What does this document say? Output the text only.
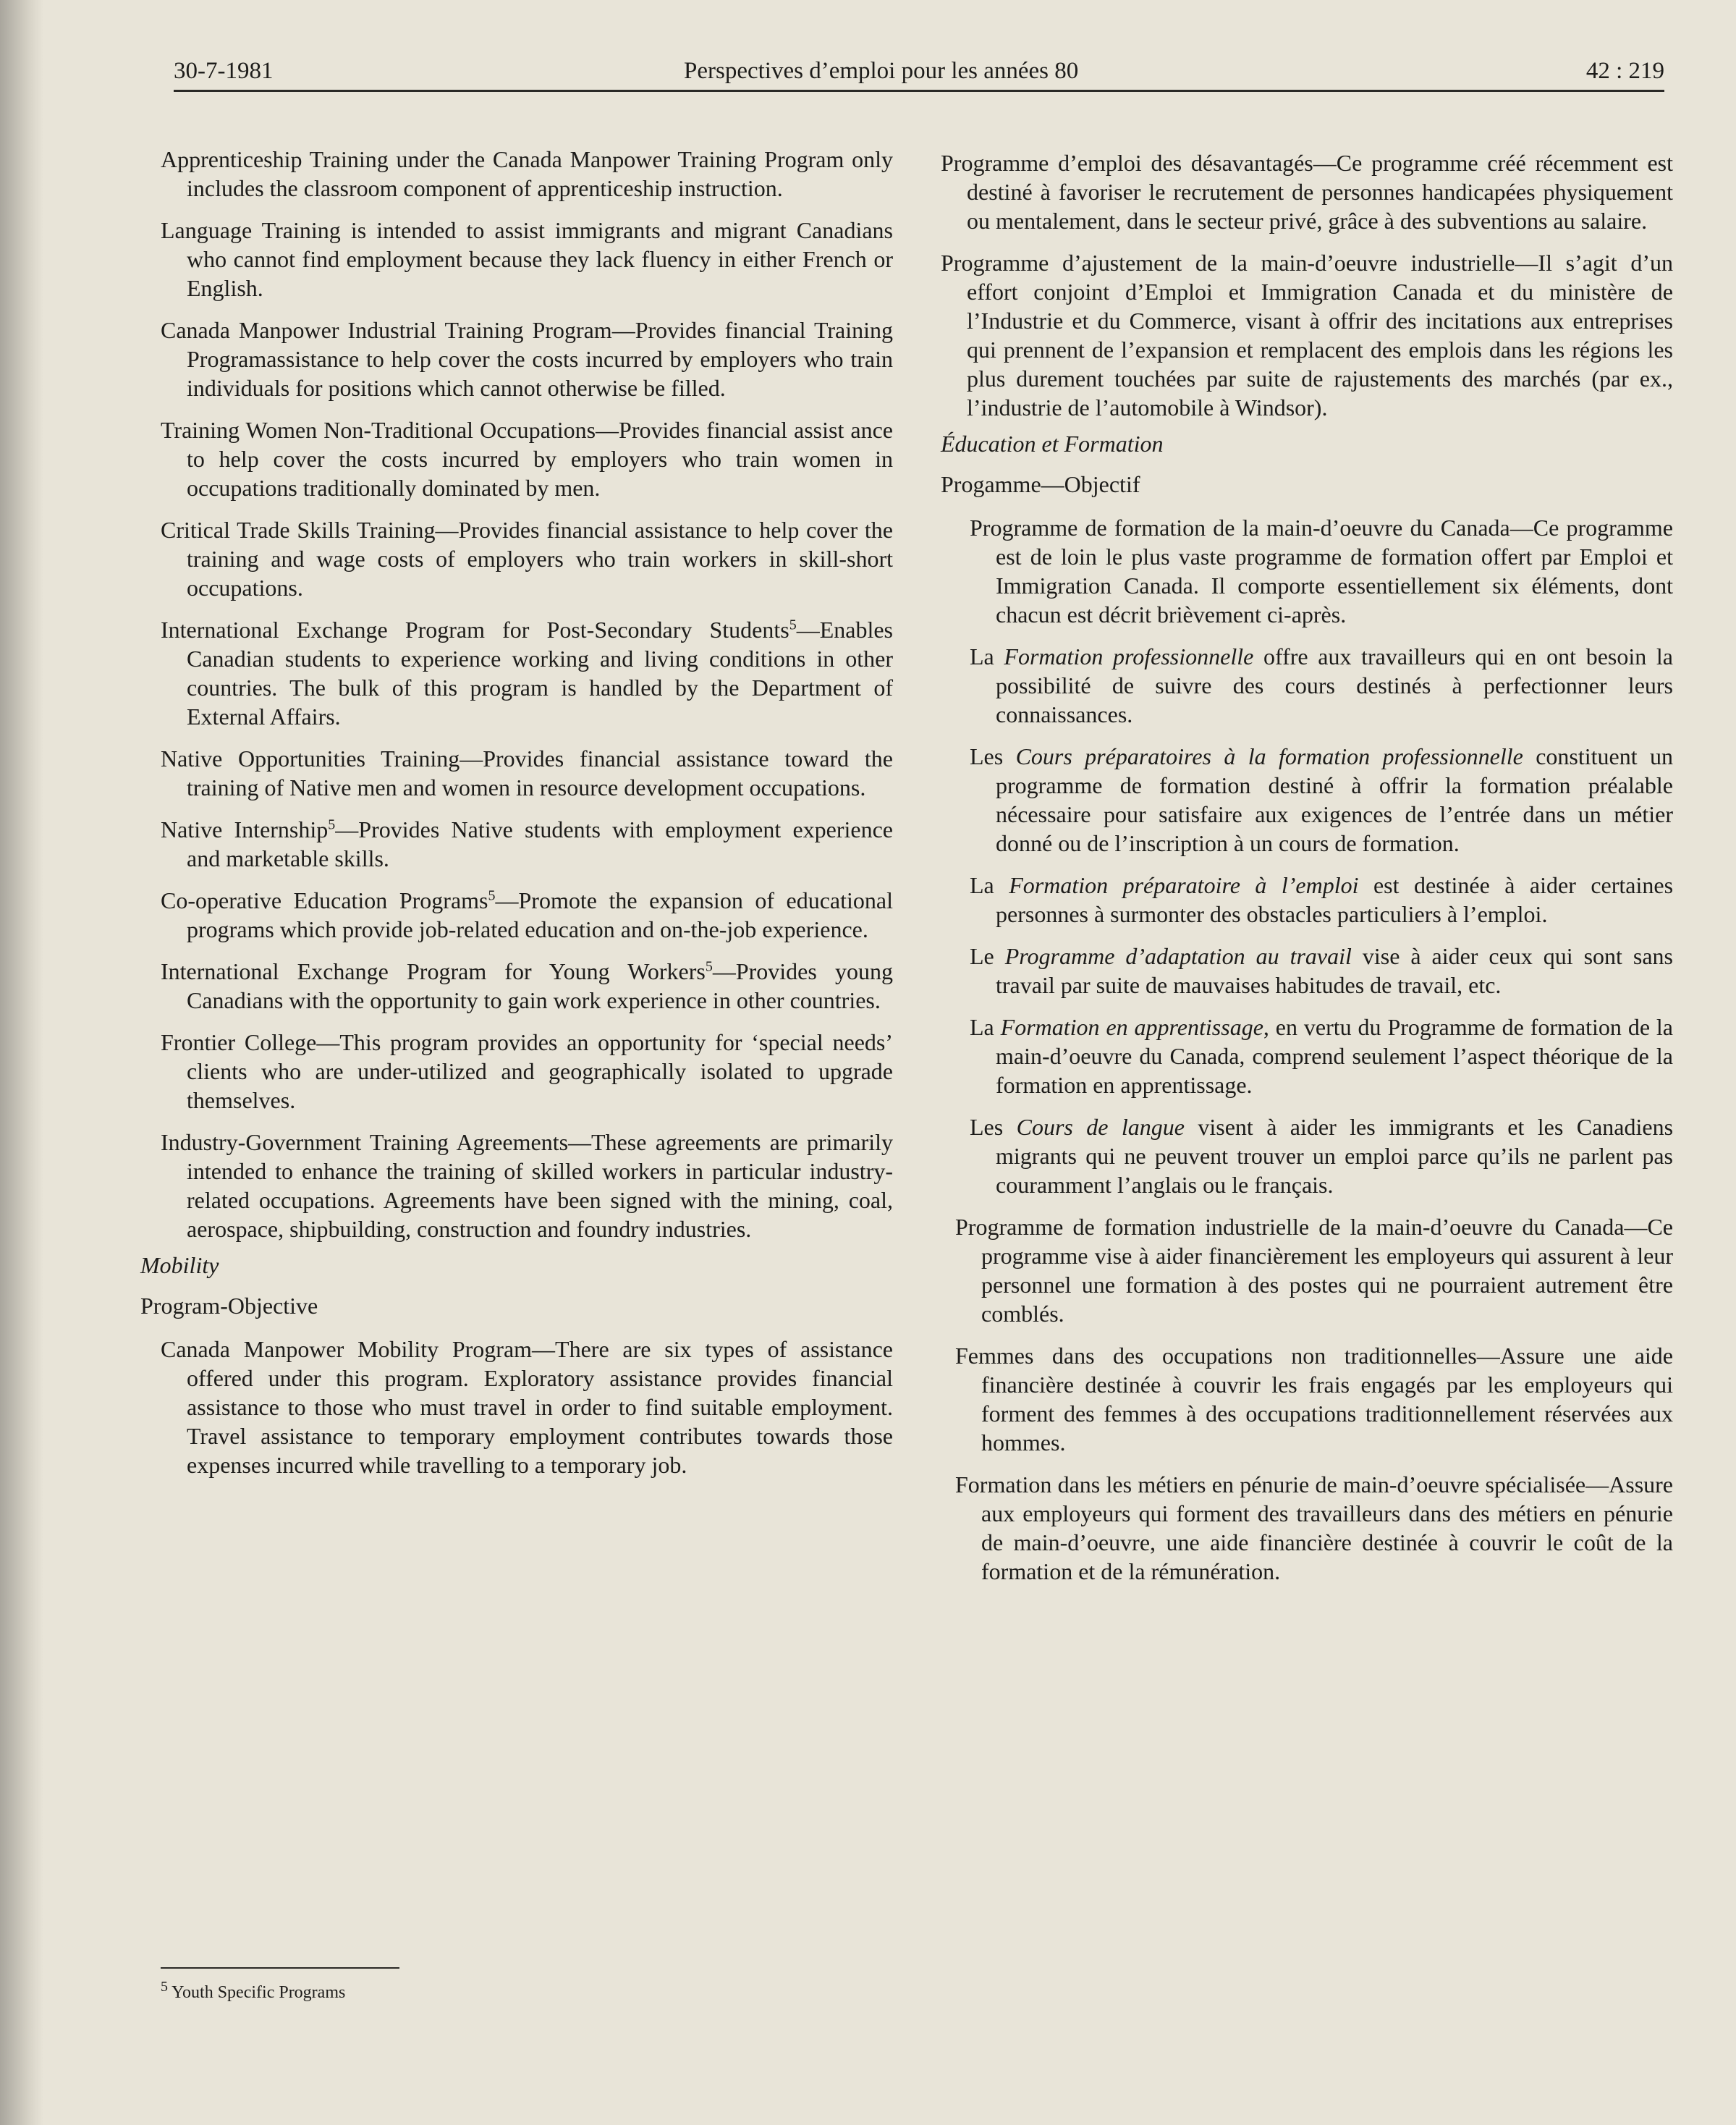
30-7-1981	Perspectives d’emploi pour les années 80	42 : 219

Apprenticeship Training under the Canada Manpower Training Program only includes the classroom component of apprenticeship instruction.

Language Training is intended to assist immigrants and migrant Canadians who cannot find employment because they lack fluency in either French or English.

Canada Manpower Industrial Training Program—Provides financial Training Programassistance to help cover the costs incurred by employers who train individuals for positions which cannot otherwise be filled.

Training Women Non-Traditional Occupations—Provides financial assist ance to help cover the costs incurred by employers who train women in occupations traditionally dominated by men.

Critical Trade Skills Training—Provides financial assistance to help cover the training and wage costs of employers who train workers in skill-short occupations.

International Exchange Program for Post-Secondary Students$^5$—Enables Canadian students to experience working and living conditions in other countries. The bulk of this program is handled by the Department of External Affairs.

Native Opportunities Training—Provides financial assistance toward the training of Native men and women in resource development occupations.

Native Internship$^5$—Provides Native students with employment experience and marketable skills.

Co-operative Education Programs$^5$—Promote the expansion of educational programs which provide job-related education and on-the-job experience.

International Exchange Program for Young Workers$^5$—Provides young Canadians with the opportunity to gain work experience in other countries.

Frontier College—This program provides an opportunity for ‘special needs’ clients who are under-utilized and geographically isolated to upgrade themselves.

Industry-Government Training Agreements—These agreements are primarily intended to enhance the training of skilled workers in particular industry-related occupations. Agreements have been signed with the mining, coal, aerospace, shipbuilding, construction and foundry industries.

Mobility

Program-Objective

Canada Manpower Mobility Program—There are six types of assistance offered under this program. Exploratory assistance provides financial assistance to those who must travel in order to find suitable employment. Travel assistance to temporary employment contributes towards those expenses incurred while travelling to a temporary job.

$^5$ Youth Specific Programs

Programme d’emploi des désavantagés—Ce programme créé récemment est destiné à favoriser le recrutement de personnes handicapées physiquement ou mentalement, dans le secteur privé, grâce à des subventions au salaire.

Programme d’ajustement de la main-d’oeuvre industrielle—Il s’agit d’un effort conjoint d’Emploi et Immigration Canada et du ministère de l’Industrie et du Commerce, visant à offrir des incitations aux entreprises qui prennent de l’expansion et remplacent des emplois dans les régions les plus durement touchées par suite de rajustements des marchés (par ex., l’industrie de l’automobile à Windsor).

Éducation et Formation

Progamme—Objectif

Programme de formation de la main-d’oeuvre du Canada—Ce programme est de loin le plus vaste programme de formation offert par Emploi et Immigration Canada. Il comporte essentiellement six éléments, dont chacun est décrit brièvement ci-après.

La Formation professionnelle offre aux travailleurs qui en ont besoin la possibilité de suivre des cours destinés à perfectionner leurs connaissances.

Les Cours préparatoires à la formation professionnelle constituent un programme de formation destiné à offrir la formation préalable nécessaire pour satisfaire aux exigences de l’entrée dans un métier donné ou de l’inscription à un cours de formation.

La Formation préparatoire à l’emploi est destinée à aider certaines personnes à surmonter des obstacles particuliers à l’emploi.

Le Programme d’adaptation au travail vise à aider ceux qui sont sans travail par suite de mauvaises habitudes de travail, etc.

La Formation en apprentissage, en vertu du Programme de formation de la main-d’oeuvre du Canada, comprend seulement l’aspect théorique de la formation en apprentissage.

Les Cours de langue visent à aider les immigrants et les Canadiens migrants qui ne peuvent trouver un emploi parce qu’ils ne parlent pas couramment l’anglais ou le français.

Programme de formation industrielle de la main-d’oeuvre du Canada—Ce programme vise à aider financièrement les employeurs qui assurent à leur personnel une formation à des postes qui ne pourraient autrement être comblés.

Femmes dans des occupations non traditionnelles—Assure une aide financière destinée à couvrir les frais engagés par les employeurs qui forment des femmes à des occupations traditionnellement réservées aux hommes.

Formation dans les métiers en pénurie de main-d’oeuvre spécialisée—Assure aux employeurs qui forment des travailleurs dans des métiers en pénurie de main-d’oeuvre, une aide financière destinée à couvrir le coût de la formation et de la rémunération.
